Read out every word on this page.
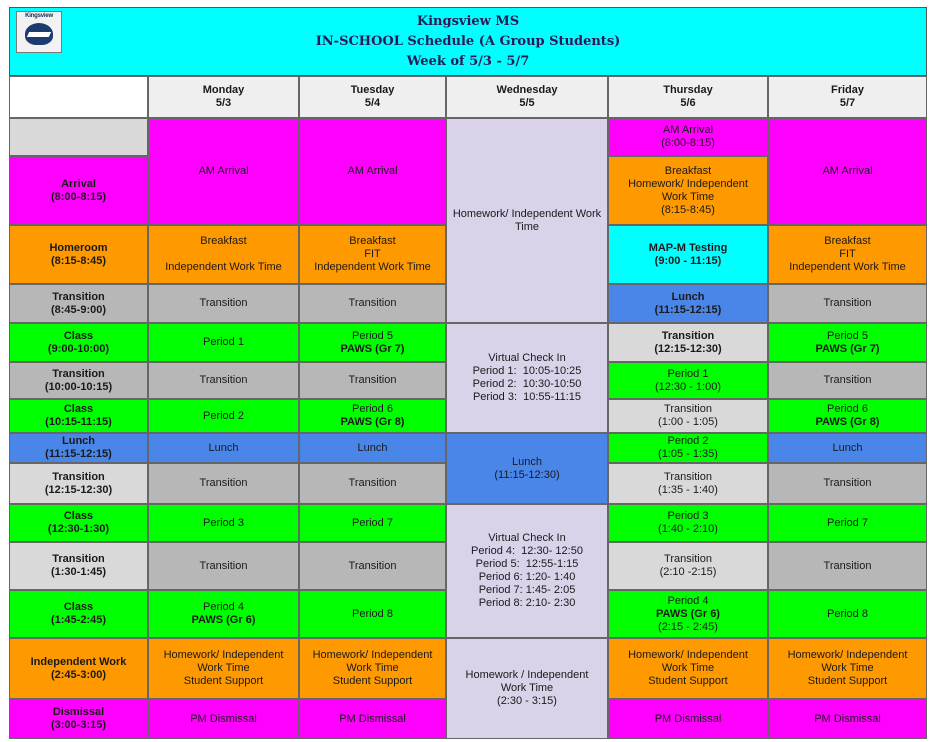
Kingsview	Kingsview MS
IN-SCHOOL Schedule (A Group Students)
Week of 5/3 - 5/7
Monday
5/3
Tuesday
5/4
Wednesday
5/5
Thursday
5/6
Friday
5/7
Arrival
(8:00-8:15)
Homeroom
(8:15-8:45)
Transition
(8:45-9:00)
Class
(9:00-10:00)
Transition
(10:00-10:15)
Class
(10:15-11:15)
Lunch
(11:15-12:15)
Transition
(12:15-12:30)
Class
(12:30-1:30)
Transition
(1:30-1:45)
Class
(1:45-2:45)
Independent Work
(2:45-3:00)
Dismissal
(3:00-3:15)
AM Arrival
Breakfast
Independent Work Time
Transition
Period 1
Transition
Period 2
Lunch
Transition
Period 3
Transition
Period 4
PAWS (Gr 6)
Homework/ Independent
Work Time
Student Support
PM Dismissal
AM Arrival
Breakfast
FIT
Independent Work Time
Transition
Period 5
PAWS (Gr 7)
Transition
Period 6
PAWS (Gr 8)
Lunch
Transition
Period 7
Transition
Period 8
Homework/ Independent
Work Time
Student Support
PM Dismissal
Homework/ Independent Work
Time
Virtual Check In
Period 1:  10:05-10:25
Period 2:  10:30-10:50
Period 3:  10:55-11:15
Lunch
(11:15-12:30)
Virtual Check In
Period 4:  12:30- 12:50
Period 5:  12:55-1:15
Period 6: 1:20- 1:40
Period 7: 1:45- 2:05
Period 8: 2:10- 2:30
Homework / Independent
Work Time
(2:30 - 3:15)
AM Arrival
(8:00-8:15)
Breakfast
Homework/ Independent
Work Time
(8:15-8:45)
MAP-M Testing
(9:00 - 11:15)
Lunch
(11:15-12:15)
Transition
(12:15-12:30)
Period 1
(12:30 - 1:00)
Transition
(1:00 - 1:05)
Period 2
(1:05 - 1:35)
Transition
(1:35 - 1:40)
Period 3
(1:40 - 2:10)
Transition
(2:10 -2:15)
Period 4
PAWS (Gr 6)
(2:15 - 2:45)
Homework/ Independent
Work Time
Student Support
PM Dismissal
AM Arrival
Breakfast
FIT
Independent Work Time
Transition
Period 5
PAWS (Gr 7)
Transition
Period 6
PAWS (Gr 8)
Lunch
Transition
Period 7
Transition
Period 8
Homework/ Independent
Work Time
Student Support
PM Dismissal
